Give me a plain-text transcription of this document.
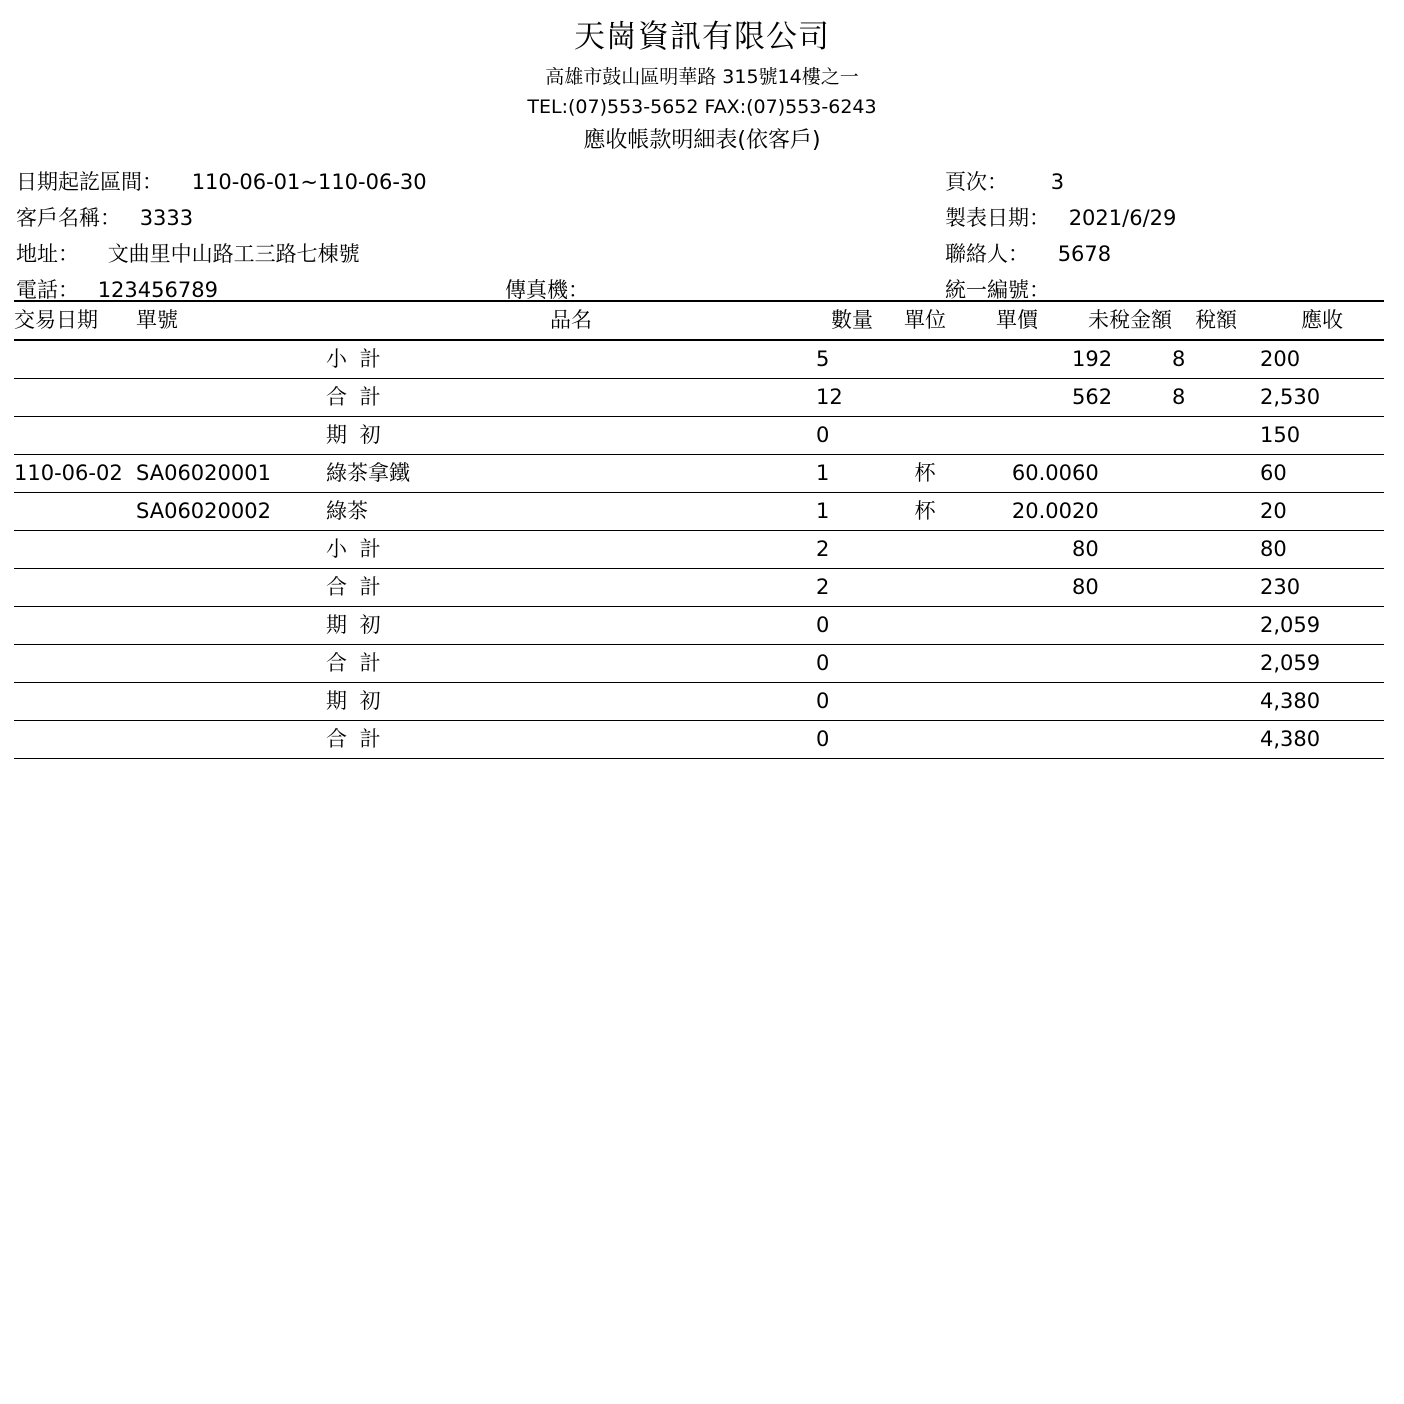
天崗資訊有限公司
高雄市鼓山區明華路 315號14樓之一
TEL:(07)553-5652 FAX:(07)553-6243
應收帳款明細表(依客戶)
日期起訖區間： 110-06-01~110-06-30
客戶名稱： 3333
地址： 文曲里中山路工三路七棟號
電話： 123456789	傳真機：
頁次： 3
製表日期： 2021/6/29
聯絡人： 5678
統一編號：
交易日期	單號	品名	數量	單位	單價	未稅金額	稅額	應收
		小 計	5			192	8	200
		合 計	12			562	8	2,530
		期 初	0					150
110-06-02	SA06020001	綠茶拿鐵	1	杯	60.00	60		60
	SA06020002	綠茶	1	杯	20.00	20		20
		小 計	2			80		80
		合 計	2			80		230
		期 初	0					2,059
		合 計	0					2,059
		期 初	0					4,380
		合 計	0					4,380
